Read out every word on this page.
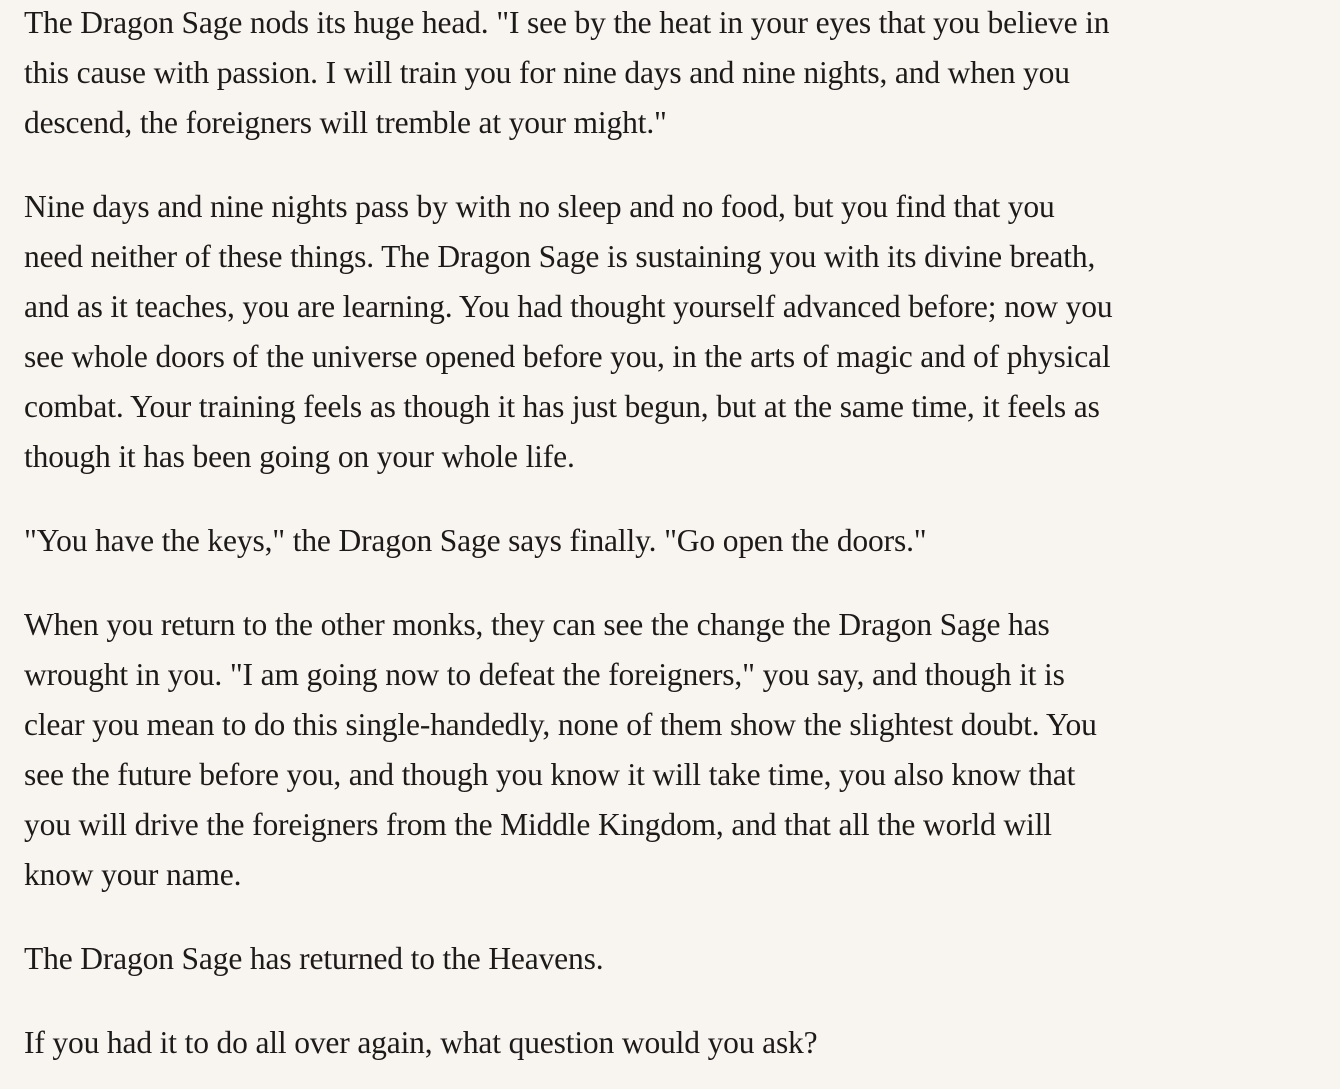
The Dragon Sage nods its huge head. "I see by the heat in your eyes that you believe in
this cause with passion. I will train you for nine days and nine nights, and when you
descend, the foreigners will tremble at your might."

Nine days and nine nights pass by with no sleep and no food, but you find that you
need neither of these things. The Dragon Sage is sustaining you with its divine breath,
and as it teaches, you are learning. You had thought yourself advanced before; now you
see whole doors of the universe opened before you, in the arts of magic and of physical
combat. Your training feels as though it has just begun, but at the same time, it feels as
though it has been going on your whole life.

"You have the keys," the Dragon Sage says finally. "Go open the doors."

When you return to the other monks, they can see the change the Dragon Sage has
wrought in you. "I am going now to defeat the foreigners," you say, and though it is
clear you mean to do this single-handedly, none of them show the slightest doubt. You
see the future before you, and though you know it will take time, you also know that
you will drive the foreigners from the Middle Kingdom, and that all the world will
know your name.

The Dragon Sage has returned to the Heavens.

If you had it to do all over again, what question would you ask?
